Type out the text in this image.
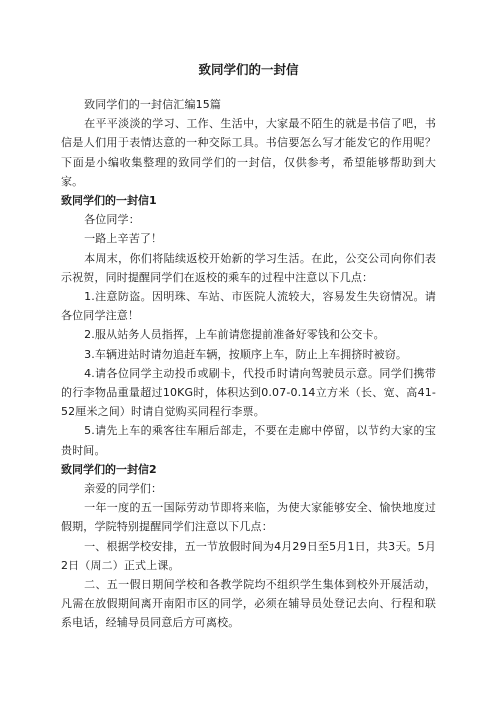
致同学们的一封信

致同学们的一封信汇编15篇

在平平淡淡的学习、工作、生活中，大家最不陌生的就是书信了吧，书信是人们用于表情达意的一种交际工具。书信要怎么写才能发它的作用呢？下面是小编收集整理的致同学们的一封信，仅供参考，希望能够帮助到大家。

致同学们的一封信1

各位同学：

一路上辛苦了！

本周末，你们将陆续返校开始新的学习生活。在此，公交公司向你们表示祝贺，同时提醒同学们在返校的乘车的过程中注意以下几点：

1.注意防盗。因明珠、车站、市医院人流较大，容易发生失窃情况。请各位同学注意！

2.服从站务人员指挥，上车前请您提前准备好零钱和公交卡。

3.车辆进站时请勿追赶车辆，按顺序上车，防止上车拥挤时被窃。

4.请各位同学主动投币或刷卡，代投币时请向驾驶员示意。同学们携带的行李物品重量超过10KG时，体积达到0.07-0.14立方米（长、宽、高41-52厘米之间）时请自觉购买同程行李票。

5.请先上车的乘客往车厢后部走，不要在走廊中停留，以节约大家的宝贵时间。

致同学们的一封信2

亲爱的同学们：

一年一度的五一国际劳动节即将来临，为使大家能够安全、愉快地度过假期，学院特别提醒同学们注意以下几点：

一、根据学校安排，五一节放假时间为4月29日至5月1日，共3天。5月2日（周二）正式上课。

二、五一假日期间学校和各教学院均不组织学生集体到校外开展活动，凡需在放假期间离开南阳市区的同学，必须在辅导员处登记去向、行程和联系电话，经辅导员同意后方可离校。
